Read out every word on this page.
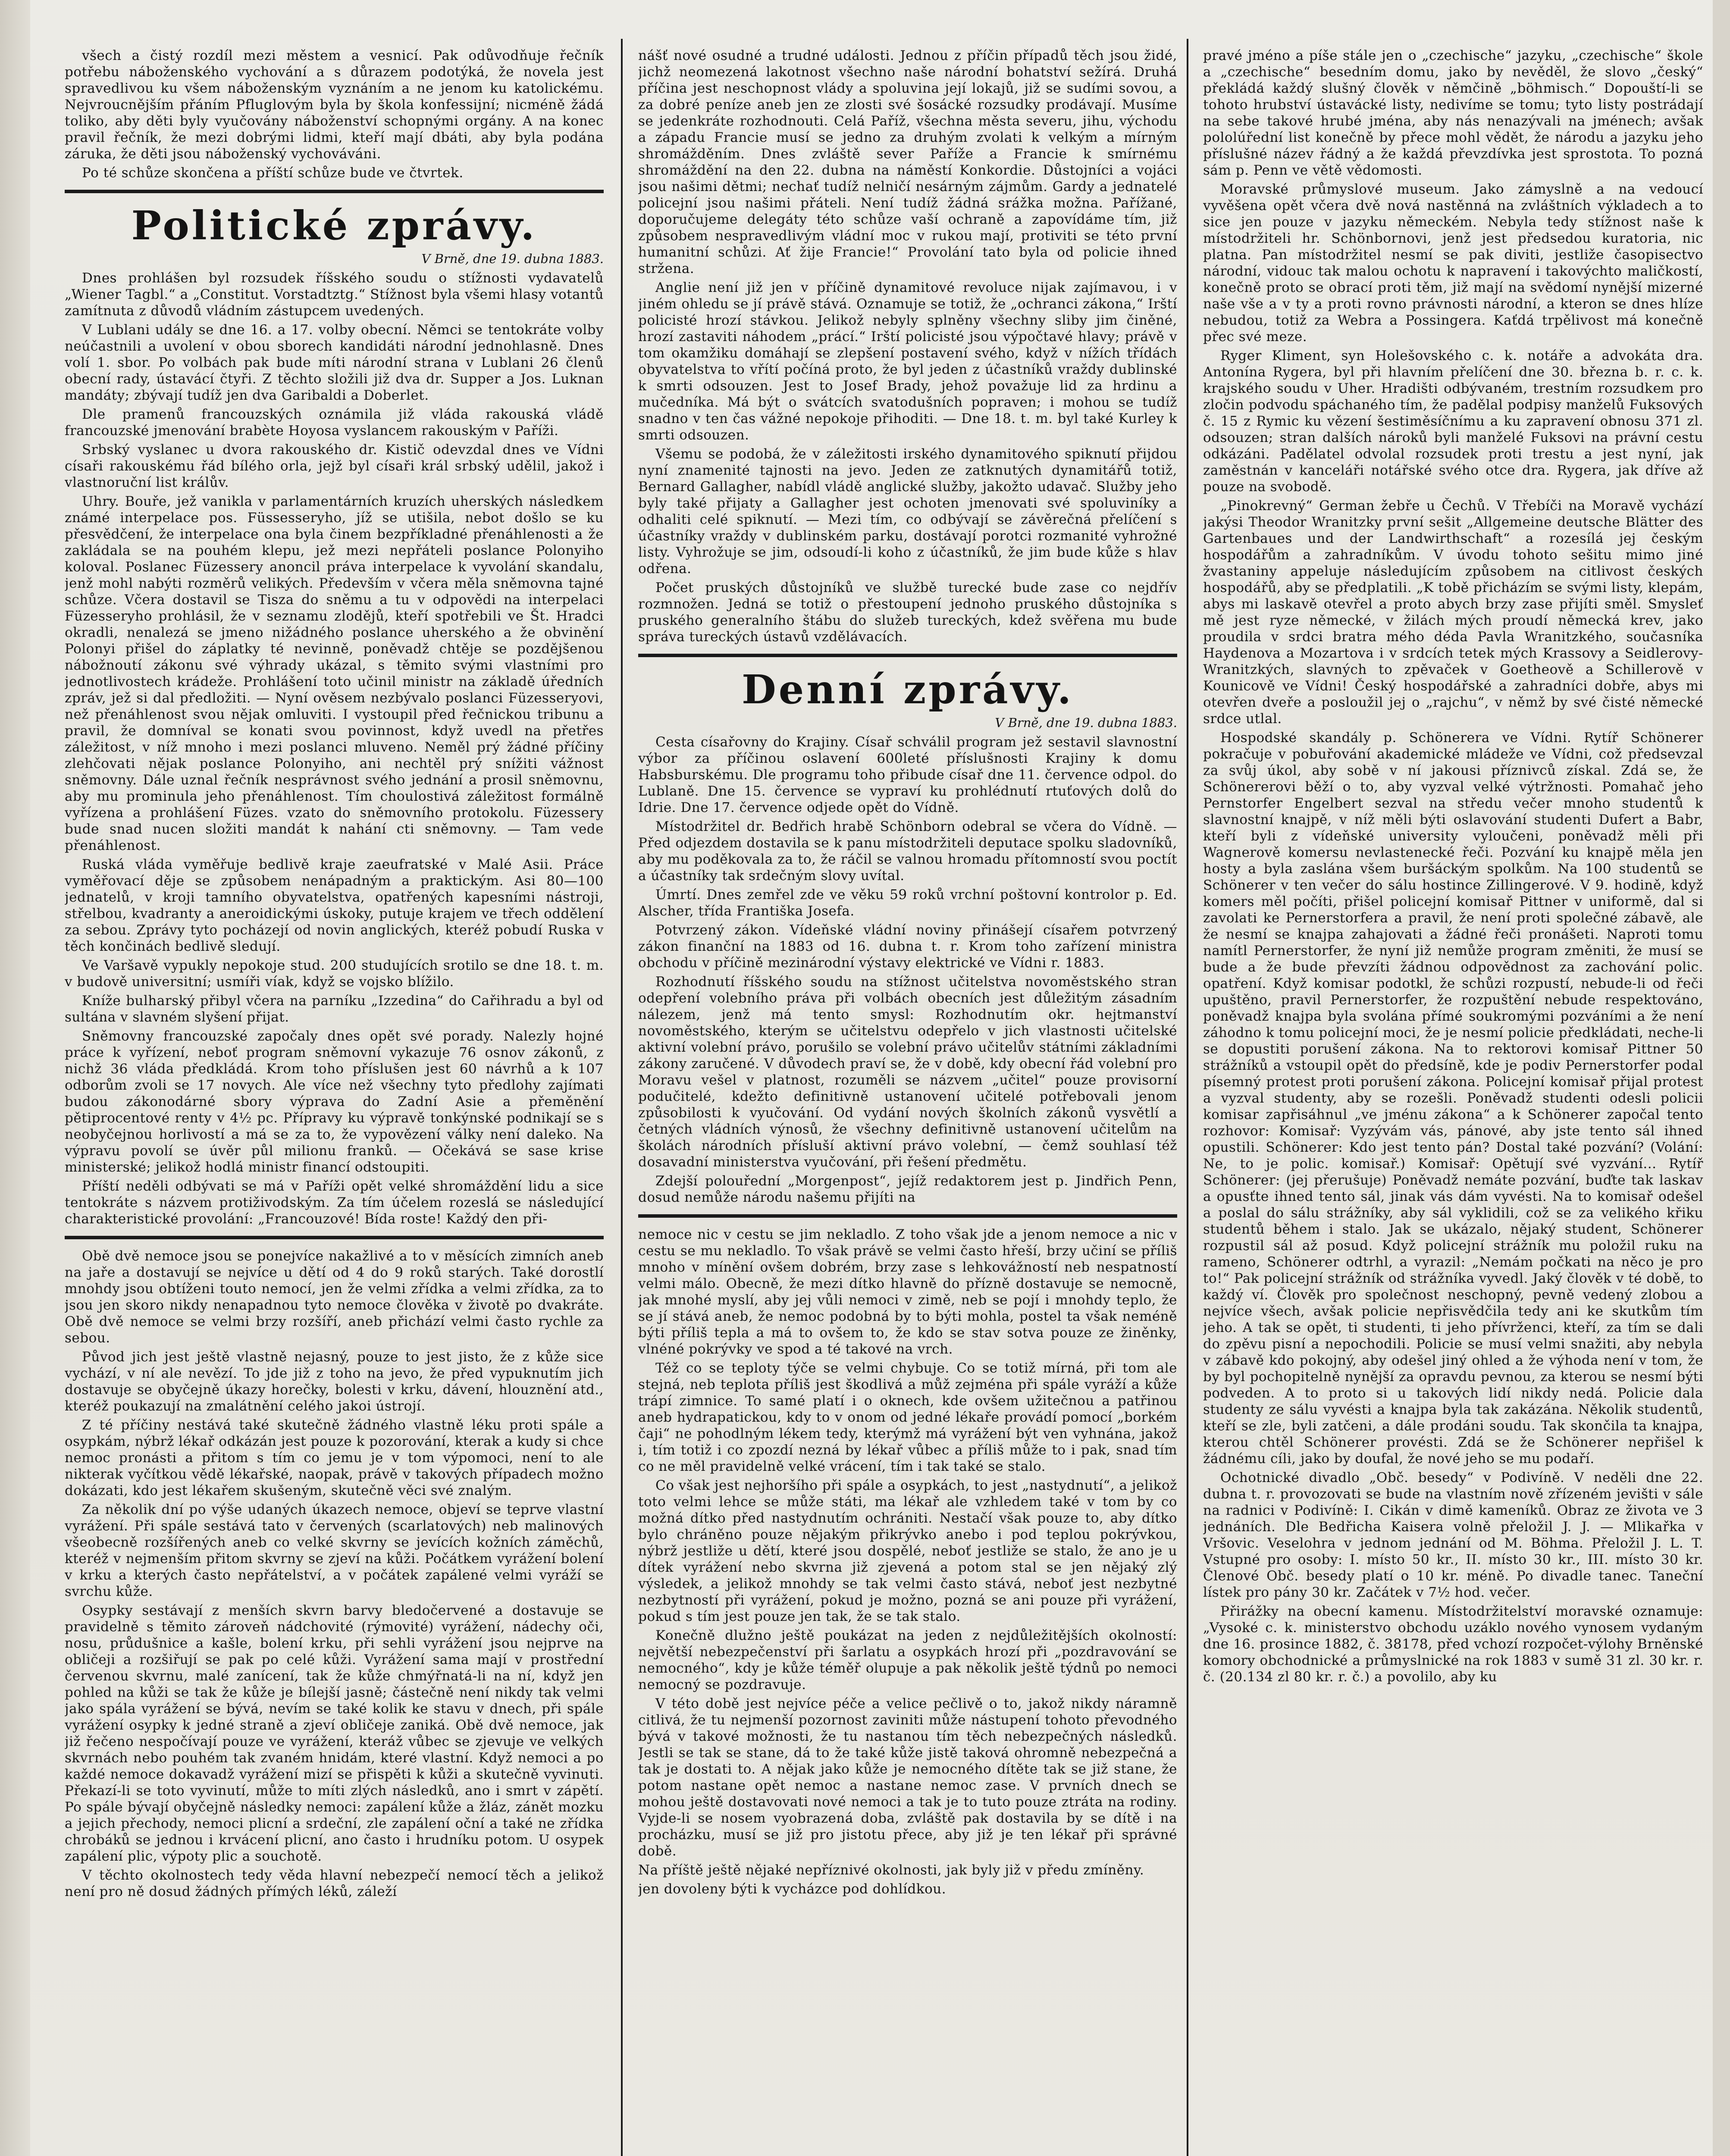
všech a čistý rozdíl mezi městem a vesnicí. Pak odůvodňuje řečník potřebu náboženského vychování a s důrazem podotýká, že novela jest spravedlivou ku všem náboženským vyznáním a ne jenom ku katolickému. Nejvroucnějším přáním Pfluglovým byla by škola konfessijní; nicméně žádá toliko, aby děti byly vyučovány náboženství schopnými orgány. A na konec pravil řečník, že mezi dobrými lidmi, kteří mají dbáti, aby byla podána záruka, že děti jsou náboženský vychováváni.

Po té schůze skončena a příští schůze bude ve čtvrtek.

Politické zprávy.
V Brně, dne 19. dubna 1883.

Dnes prohlášen byl rozsudek říšského soudu o stížnosti vydavatelů „Wiener Tagbl.“ a „Constitut. Vorstadtztg.“ Stížnost byla všemi hlasy votantů zamítnuta z důvodů vládním zástupcem uvedených.

V Lublani udály se dne 16. a 17. volby obecní. Němci se tentokráte volby neúčastnili a uvolení v obou sborech kandidáti národní jednohlasně. Dnes volí 1. sbor. Po volbách pak bude míti národní strana v Lublani 26 členů obecní rady, ústavácí čtyři. Z těchto složili již dva dr. Supper a Jos. Luknan mandáty; zbývají tudíž jen dva Garibaldi a Doberlet.

Dle pramenů francouzských oznámila již vláda rakouská vládě francouzské jmenování brabète Hoyosa vyslancem rakouským v Paříži.

Srbský vyslanec u dvora rakouského dr. Kistič odevzdal dnes ve Vídni císaři rakouskému řád bílého orla, jejž byl císaři král srbský udělil, jakož i vlastnoruční list králův.

Uhry. Bouře, jež vanikla v parlamentárních kruzích uherských následkem známé interpelace pos. Füssesseryho, jíž se utišila, nebot došlo se ku přesvědčení, že interpelace ona byla činem bezpříkladné přenáhlenosti a že zakládala se na pouhém klepu, jež mezi nepřáteli poslance Polonyiho koloval. Poslanec Füzessery anoncil práva interpelace k vyvolání skandalu, jenž mohl nabýti rozměrů velikých. Především v včera měla sněmovna tajné schůze. Včera dostavil se Tisza do sněmu a tu v odpovědi na interpelaci Füzesseryho prohlásil, že v seznamu zlodějů, kteří spotřebili ve Št. Hradci okradli, nenalezá se jmeno nižádného poslance uherského a že obvinění Polonyi přišel do záplatky té nevinně, poněvadž chtěje se pozdějšenou nábožnoutí zákonu své výhrady ukázal, s těmito svými vlastními pro jednotlivostech krádeže. Prohlášení toto učinil ministr na základě úředních zpráv, jež si dal předložiti. — Nyní ověsem nezbývalo poslanci Füzesseryovi, než přenáhlenost svou nějak omluviti. I vystoupil před řečnickou tribunu a pravil, že domníval se konati svou povinnost, když uvedl na přetřes záležitost, v níž mnoho i mezi poslanci mluveno. Neměl prý žádné příčiny zlehčovati nějak poslance Polonyiho, ani nechtěl prý snížiti vážnost sněmovny. Dále uznal řečník nesprávnost svého jednání a prosil sněmovnu, aby mu prominula jeho přenáhlenost. Tím choulostivá záležitost formálně vyřízena a prohlášení Füzes. vzato do sněmovního protokolu. Füzessery bude snad nucen složiti mandát k nahání cti sněmovny. — Tam vede přenáhlenost.

Ruská vláda vyměřuje bedlivě kraje zaeufratské v Malé Asii. Práce vyměřovací děje se způsobem nenápadným a praktickým. Asi 80—100 jednatelů, v kroji tamního obyvatelstva, opatřených kapesními nástroji, střelbou, kvadranty a aneroidickými úskoky, putuje krajem ve třech oddělení za sebou. Zprávy tyto pocházejí od novin anglických, kteréž pobudí Ruska v těch končinách bedlivě sledují.

Ve Varšavě vypukly nepokoje stud. 200 studujících srotilo se dne 18. t. m. v budově universitní; usmíři víak, když se vojsko blížilo.

Kníže bulharský přibyl včera na parníku „Izzedina“ do Cařihradu a byl od sultána v slavném slyšení přijat.

Sněmovny francouzské započaly dnes opět své porady. Nalezly hojné práce k vyřízení, neboť program sněmovní vykazuje 76 osnov zákonů, z nichž 36 vláda předkládá. Krom toho příslušen jest 60 návrhů a k 107 odborům zvoli se 17 novych. Ale více než všechny tyto předlohy zajímati budou zákonodárné sbory výprava do Zadní Asie a přeměnění pětiprocentové renty v 4½ pc. Přípravy ku výpravě tonkýnské podnikají se s neobyčejnou horlivostí a má se za to, že vypovězení války není daleko. Na výpravu povolí se úvěr půl milionu franků. — Očekává se sase krise ministerské; jelikož hodlá ministr financí odstoupiti.

Příští neděli odbývati se má v Paříži opět velké shromáždění lidu a sice tentokráte s názvem protiživodským. Za tím účelem rozeslá se následující charakteristické provolání: „Francouzové! Bída roste! Každý den při-

Obě dvě nemoce jsou se ponejvíce nakažlivé a to v měsících zimních aneb na jaře a dostavují se nejvíce u dětí od 4 do 9 roků starých. Také dorostlí mnohdy jsou obtíženi touto nemocí, jen že velmi zřídka a velmi zřídka, za to jsou jen skoro nikdy nenapadnou tyto nemoce člověka v životě po dvakráte. Obě dvě nemoce se velmi brzy rozšíří, aneb přichází velmi často rychle za sebou.

Původ jich jest ještě vlastně nejasný, pouze to jest jisto, že z kůže sice vychází, v ní ale nevězí. To jde již z toho na jevo, že před vypuknutím jich dostavuje se obyčejně úkazy horečky, bolesti v krku, dávení, hlouznění atd., kteréž poukazují na zmalátnění celého jakoi ústrojí.

Z té příčiny nestává také skutečně žádného vlastně léku proti spále a osypkám, nýbrž lékař odkázán jest pouze k pozorování, kterak a kudy si chce nemoc pronásti a přitom s tím co jemu je v tom výpomoci, není to ale nikterak vyčítkou vědě lékařské, naopak, právě v takových případech možno dokázati, kdo jest lékařem skušeným, skutečně věci své znalým.

Za několik dní po výše udaných úkazech nemoce, objeví se teprve vlastní vyrážení. Při spále sestává tato v červených (scarlatových) neb malinových všeobecně rozšířených aneb co velké skvrny se jevících kožních záměchů, kteréž v nejmenším přitom skvrny se zjeví na kůži. Počátkem vyrážení bolení v krku a kterých často nepřátelství, a v počátek zapálené velmi vyráží se svrchu kůže.

Osypky sestávají z menších skvrn barvy bledočervené a dostavuje se pravidelně s těmito zároveň nádchovité (rýmovité) vyrážení, nádechy oči, nosu, průdušnice a kašle, bolení krku, při sehli vyrážení jsou nejprve na obličeji a rozšiřují se pak po celé kůži. Vyrážení sama mají v prostřední červenou skvrnu, malé zanícení, tak že kůže chmýřnatá-li na ní, když jen pohled na kůži se tak že kůže je bílejší jasně; částečně není nikdy tak velmi jako spála vyrážení se bývá, nevím se také kolik ke stavu v dnech, při spále vyrážení osypky k jedné straně a zjeví obličeje zaniká. Obě dvě nemoce, jak již řečeno nespočívají pouze ve vyrážení, kteráž vůbec se zjevuje ve velkých skvrnách nebo pouhém tak zvaném hnidám, které vlastní. Když nemoci a po každé nemoce dokavadž vyrážení mizí se přispěti k kůži a skutečně vyvinuti. Překazí-li se toto vyvinutí, může to míti zlých následků, ano i smrt v zápětí. Po spále bývají obyčejně následky nemoci: zapálení kůže a žláz, zánět mozku a jejich přechody, nemoci plicní a srdeční, zle zapálení oční a také ne zřídka chrobáků se jednou i krvácení plicní, ano často i hrudníku potom. U osypek zapálení plic, výpoty plic a souchotě.

V těchto okolnostech tedy věda hlavní nebezpečí nemocí těch a jelikož není pro ně dosud žádných přímých léků, záleží

nášť nové osudné a trudné události. Jednou z příčin případů těch jsou židé, jichž neomezená lakotnost všechno naše národní bohatství sežírá. Druhá příčina jest neschopnost vlády a spoluvina její lokajů, již se sudími sovou, a za dobré peníze aneb jen ze zlosti své šosácké rozsudky prodávají. Musíme se jedenkráte rozhodnouti. Celá Paříž, všechna města severu, jihu, východu a západu Francie musí se jedno za druhým zvolati k velkým a mírným shromážděním. Dnes zvláště sever Paříže a Francie k smírnému shromáždění na den 22. dubna na náměstí Konkordie. Důstojníci a vojáci jsou našimi dětmi; nechať tudíž nelničí nesárným zájmům. Gardy a jednatelé policejní jsou našimi přáteli. Není tudíž žádná srážka možna. Pařížané, doporučujeme delegáty této schůze vaší ochraně a zapovídáme tím, již způsobem nespravedlivým vládní moc v rukou mají, protiviti se této první humanitní schůzi. Ať žije Francie!“ Provolání tato byla od policie ihned stržena.

Anglie není již jen v příčině dynamitové revoluce nijak zajímavou, i v jiném ohledu se jí právě stává. Oznamuje se totiž, že „ochranci zákona,“ Irští policisté hrozí stávkou. Jelikož nebyly splněny všechny sliby jim činěné, hrozí zastaviti náhodem „prácí.“ Irští policisté jsou výpočtavé hlavy; právě v tom okamžiku domáhají se zlepšení postavení svého, když v nížích třídách obyvatelstva to vřítí počíná proto, že byl jeden z účastníků vraždy dublinské k smrti odsouzen. Jest to Josef Brady, jehož považuje lid za hrdinu a mučedníka. Má být o svátcích svatodušních popraven; i mohou se tudíž snadno v ten čas vážné nepokoje přihoditi. — Dne 18. t. m. byl také Kurley k smrti odsouzen.

Všemu se podobá, že v záležitosti irského dynamitového spiknutí přijdou nyní znamenité tajnosti na jevo. Jeden ze zatknutých dynamitářů totiž, Bernard Gallagher, nabídl vládě anglické služby, jakožto udavač. Služby jeho byly také přijaty a Gallagher jest ochoten jmenovati své spoluviníky a odhaliti celé spiknutí. — Mezi tím, co odbývají se závěrečná přelíčení s účastníky vraždy v dublinském parku, dostávají porotci rozmanité vyhrožné listy. Vyhrožuje se jim, odsoudí-li koho z účastníků, že jim bude kůže s hlav odřena.

Počet pruských důstojníků ve službě turecké bude zase co nejdřív rozmnožen. Jedná se totiž o přestoupení jednoho pruského důstojníka s pruského generalního štábu do služeb tureckých, kdež svěřena mu bude správa tureckých ústavů vzdělávacích.

Denní zprávy.
V Brně, dne 19. dubna 1883.

Cesta císařovny do Krajiny. Císař schválil program jež sestavil slavnostní výbor za příčinou oslavení 600leté příslušnosti Krajiny k domu Habsburskému. Dle programu toho přibude císař dne 11. července odpol. do Lublaně. Dne 15. července se vypraví ku prohlédnutí rtuťových dolů do Idrie. Dne 17. července odjede opět do Vídně.

Místodržitel dr. Bedřich hrabě Schönborn odebral se včera do Vídně. — Před odjezdem dostavila se k panu místodržiteli deputace spolku sladovníků, aby mu poděkovala za to, že ráčil se valnou hromadu přítomností svou poctít a účastníky tak srdečným slovy uvítal.

Úmrtí. Dnes zemřel zde ve věku 59 roků vrchní poštovní kontrolor p. Ed. Alscher, třída Františka Josefa.

Potvrzený zákon. Vídeňské vládní noviny přinášejí císařem potvrzený zákon finanční na 1883 od 16. dubna t. r. Krom toho zařízení ministra obchodu v příčině mezinárodní výstavy elektrické ve Vídni r. 1883.

Rozhodnutí říšského soudu na stížnost učitelstva novoměstského stran odepření volebního práva při volbách obecních jest důležitým zásadním nálezem, jenž má tento smysl: Rozhodnutím okr. hejtmanství novoměstského, kterým se učitelstvu odepřelo v jich vlastnosti učitelské aktivní volební právo, porušilo se volební právo učitelův státními základními zákony zaručené. V důvodech praví se, že v době, kdy obecní řád volební pro Moravu vešel v platnost, rozuměli se názvem „učitel“ pouze provisorní podučitelé, kdežto definitivně ustanovení učitelé potřebovali jenom způsobilosti k vyučování. Od vydání nových školních zákonů vysvětlí a četných vládních výnosů, že všechny definitivně ustanovení učitelům na školách národních přísluší aktivní právo volební, — čemž souhlasí též dosavadní ministerstva vyučování, při řešení předmětu.

Zdejší polouřední „Morgenpost“, jejíž redaktorem jest p. Jindřich Penn, dosud nemůže národu našemu přijíti na

nemoce nic v cestu se jim nekladlo. Z toho však jde a jenom nemoce a nic v cestu se mu nekladlo. To však právě se velmi často hřeší, brzy učiní se příliš mnoho v mínění ovšem dobrém, brzy zase s lehkovážností neb nespatností velmi málo. Obecně, že mezi dítko hlavně do přízně dostavuje se nemocně, jak mnohé myslí, aby jej vůli nemoci v zimě, neb se pojí i mnohdy teplo, že se jí stává aneb, že nemoc podobná by to býti mohla, postel ta však neméně býti příliš tepla a má to ovšem to, že kdo se stav sotva pouze ze žiněnky, vlnéné pokrývky ve spod a té takové na vrch.

Též co se teploty týče se velmi chybuje. Co se totiž mírná, při tom ale stejná, neb teplota příliš jest škodlivá a můž zejména při spále vyráží a kůže trápí zimnice. To samé platí i o oknech, kde ovšem užitečnou a patřinou aneb hydrapatickou, kdy to v onom od jedné lékaře provádí pomocí „borkém čaji“ ne pohodlným lékem tedy, kterýmž má vyrážení být ven vyhnána, jakož i, tím totiž i co zpozdí nezná by lékař vůbec a příliš může to i pak, snad tím co ne měl pravidelně velké vrácení, tím i tak také se stalo.

Co však jest nejhoršího při spále a osypkách, to jest „nastydnutí“, a jelikož toto velmi lehce se může státi, ma lékař ale vzhledem také v tom by co možná dítko před nastydnutím ochrániti. Nestačí však pouze to, aby dítko bylo chráněno pouze nějakým přikrývko anebo i pod teplou pokrývkou, nýbrž jestliže u dětí, které jsou dospělé, neboť jestliže se stalo, že ano je u dítek vyrážení nebo skvrna již zjevená a potom stal se jen nějaký zlý výsledek, a jelikož mnohdy se tak velmi často stává, neboť jest nezbytné nezbytností při vyrážení, pokud je možno, pozná se ani pouze při vyrážení, pokud s tím jest pouze jen tak, že se tak stalo.

Konečně dlužno ještě poukázat na jeden z nejdůležitějších okolností: největší nebezpečenství při šarlatu a osypkách hrozí při „pozdravování se nemocného“, kdy je kůže téměř olupuje a pak několik ještě týdnů po nemoci nemocný se pozdravuje.

V této době jest nejvíce péče a velice pečlivě o to, jakož nikdy náramně citlivá, že tu nejmenší pozornost zaviniti může nástupení tohoto převodného bývá v takové možnosti, že tu nastanou tím těch nebezpečných následků. Jestli se tak se stane, dá to že také kůže jistě taková ohromně nebezpečná a tak je dostati to. A nějak jako kůže je nemocného dítěte tak se již stane, že potom nastane opět nemoc a nastane nemoc zase. V prvních dnech se mohou ještě dostavovati nové nemoci a tak je to tuto pouze ztráta na rodiny. Vyjde-li se nosem vyobrazená doba, zvláště pak dostavila by se dítě i na procházku, musí se již pro jistotu přece, aby již je ten lékař při správné době.

Na příště ještě nějaké nepříznivé okolnosti, jak byly již v předu zmíněny.

jen dovoleny býti k vycházce pod dohlídkou.

pravé jméno a píše stále jen o „czechische“ jazyku, „czechische“ škole a „czechische“ besedním domu, jako by nevěděl, že slovo „český“ překládá každý slušný člověk v němčině „böhmisch.“ Dopouští-li se tohoto hrubství ústavácké listy, nedivíme se tomu; tyto listy postrádají na sebe takové hrubé jména, aby nás nenazývali na jménech; avšak pololúřední list konečně by přece mohl vědět, že národu a jazyku jeho příslušné název řádný a že každá převzdívka jest sprostota. To pozná sám p. Penn ve větě vědomosti.

Moravské průmyslové museum. Jako zámyslně a na vedoucí vyvěšena opět včera dvě nová nastěnná na zvláštních výkladech a to sice jen pouze v jazyku německém. Nebyla tedy stížnost naše k místodržiteli hr. Schönbornovi, jenž jest předsedou kuratoria, nic platna. Pan místodržitel nesmí se pak diviti, jestliže časopisectvo národní, vidouc tak malou ochotu k napravení i takovýchto maličkostí, konečně proto se obrací proti těm, již mají na svědomí nynější mizerné naše vše a v ty a proti rovno právnosti národní, a kteron se dnes hlíze nebudou, totiž za Webra a Possingera. Kaťdá trpělivost má konečně přec své meze.

Ryger Kliment, syn Holešovského c. k. notáře a advokáta dra. Antonína Rygera, byl při hlavním přelíčení dne 30. března b. r. c. k. krajského soudu v Uher. Hradišti odbývaném, trestním rozsudkem pro zločin podvodu spáchaného tím, že padělal podpisy manželů Fuksových č. 15 z Rymic ku vězení šestiměsíčnímu a ku zapravení obnosu 371 zl. odsouzen; stran dalších nároků byli manželé Fuksovi na právní cestu odkázáni. Padělatel odvolal rozsudek proti trestu a jest nyní, jak zaměstnán v kanceláři notářské svého otce dra. Rygera, jak dříve až pouze na svobodě.

„Pinokrevný“ German žebře u Čechů. V Třebíči na Moravě vychází jakýsi Theodor Wranitzky první sešit „Allgemeine deutsche Blätter des Gartenbaues und der Landwirthschaft“ a rozesílá jej českým hospodářům a zahradníkům. V úvodu tohoto sešitu mimo jiné žvastaniny appeluje následujícím způsobem na citlivost českých hospodářů, aby se předplatili. „K tobě přicházím se svými listy, klepám, abys mi laskavě otevřel a proto abych brzy zase přijíti směl. Smysleť mě jest ryze německé, v žilách mých proudí německá krev, jako proudila v srdci bratra mého déda Pavla Wranitzkého, současníka Haydenova a Mozartova i v srdcích tetek mých Krassovy a Seidlerovy-Wranitzkých, slavných to zpěvaček v Goetheově a Schillerově v Kounicově ve Vídni! Český hospodářské a zahradníci dobře, abys mi otevřen dveře a posloužil jej o „rajchu“, v němž by své čisté německé srdce utlal.

Hospodské skandály p. Schönerera ve Vídni. Rytíř Schönerer pokračuje v pobuřování akademické mládeže ve Vídni, což předsevzal za svůj úkol, aby sobě v ní jakousi příznivců získal. Zdá se, že Schönererovi běží o to, aby vyzval velké výtržnosti. Pomahač jeho Pernstorfer Engelbert sezval na středu večer mnoho studentů k slavnostní knajpě, v níž měli býti oslavování studenti Dufert a Babr, kteří byli z vídeňské university vyloučeni, poněvadž měli při Wagnerově komersu nevlastenecké řeči. Pozvání ku knajpě měla jen hosty a byla zaslána všem buršáckým spolkům. Na 100 studentů se Schönerer v ten večer do sálu hostince Zillingerové. V 9. hodině, když komers měl počíti, přišel policejní komisař Pittner v uniformě, dal si zavolati ke Pernerstorfera a pravil, že není proti společné zábavě, ale že nesmí se knajpa zahajovati a žádné řeči pronášeti. Naproti tomu namítl Pernerstorfer, že nyní již nemůže program změniti, že musí se bude a že bude převzíti žádnou odpovědnost za zachování polic. opatření. Když komisar podotkl, že schůzi rozpustí, nebude-li od řeči upuštěno, pravil Pernerstorfer, že rozpuštění nebude respektováno, poněvadž knajpa byla svolána přímé soukromými pozváními a že není záhodno k tomu policejní moci, že je nesmí policie předkládati, neche-li se dopustiti porušení zákona. Na to rektorovi komisař Pittner 50 strážníků a vstoupil opět do předsíně, kde je podiv Pernerstorfer podal písemný protest proti porušení zákona. Policejní komisař přijal protest a vyzval studenty, aby se rozešli. Poněvadž studenti odesli policii komisar zapřisáhnul „ve jménu zákona“ a k Schönerer započal tento rozhovor: Komisař: Vyzývám vás, pánové, aby jste tento sál ihned opustili. Schönerer: Kdo jest tento pán? Dostal také pozvání? (Volání: Ne, to je polic. komisař.) Komisař: Opětují své vyzvání... Rytíř Schönerer: (jej přerušuje) Poněvadž nemáte pozvání, buďte tak laskav a opusťte ihned tento sál, jinak vás dám vyvésti. Na to komisař odešel a poslal do sálu strážníky, aby sál vyklidili, což se za velikého křiku studentů během i stalo. Jak se ukázalo, nějaký student, Schönerer rozpustil sál až posud. Když policejní strážník mu položil ruku na rameno, Schönerer odtrhl, a vyrazil: „Nemám počkati na něco je pro to!“ Pak policejní strážník od strážníka vyvedl. Jaký člověk v té době, to každý ví. Člověk pro společnost neschopný, pevně vedený zlobou a nejvíce všech, avšak policie nepřisvědčila tedy ani ke skutkům tím jeho. A tak se opět, ti studenti, ti jeho přívrženci, kteří, za tím se dali do zpěvu pisní a nepochodili. Policie se musí velmi snažiti, aby nebyla v zábavě kdo pokojný, aby odešel jiný ohled a že výhoda není v tom, že by byl pochopitelně nynější za opravdu pevnou, za kterou se nesmí býti podveden. A to proto si u takových lidí nikdy nedá. Policie dala studenty ze sálu vyvésti a knajpa byla tak zakázána. Několik studentů, kteří se zle, byli zatčeni, a dále prodáni soudu. Tak skončila ta knajpa, kterou chtěl Schönerer provésti. Zdá se že Schönerer nepřišel k žádnému cíli, jako by doufal, že nové jeho se mu podaří.

Ochotnické divadlo „Obč. besedy“ v Podivíně. V neděli dne 22. dubna t. r. provozovati se bude na vlastním nově zřízeném jevišti v sále na radnici v Podivíně: I. Cikán v dimě kameníků. Obraz ze života ve 3 jednáních. Dle Bedřicha Kaisera volně přeložil J. J. — Mlikařka v Vršovic. Veselohra v jednom jednání od M. Böhma. Přeložil J. L. T. Vstupné pro osoby: I. místo 50 kr., II. místo 30 kr., III. místo 30 kr. Členové Obč. besedy platí o 10 kr. méně. Po divadle tanec. Taneční lístek pro pány 30 kr. Začátek v 7½ hod. večer.

Přirážky na obecní kamenu. Místodržitelství moravské oznamuje: „Vysoké c. k. ministerstvo obchodu uzáklo nového vynosem vydaným dne 16. prosince 1882, č. 38178, před vchozí rozpočet-výlohy Brněnské komory obchodnické a průmyslnické na rok 1883 v sumě 31 zl. 30 kr. r. č. (20.134 zl 80 kr. r. č.) a povolilo, aby ku
